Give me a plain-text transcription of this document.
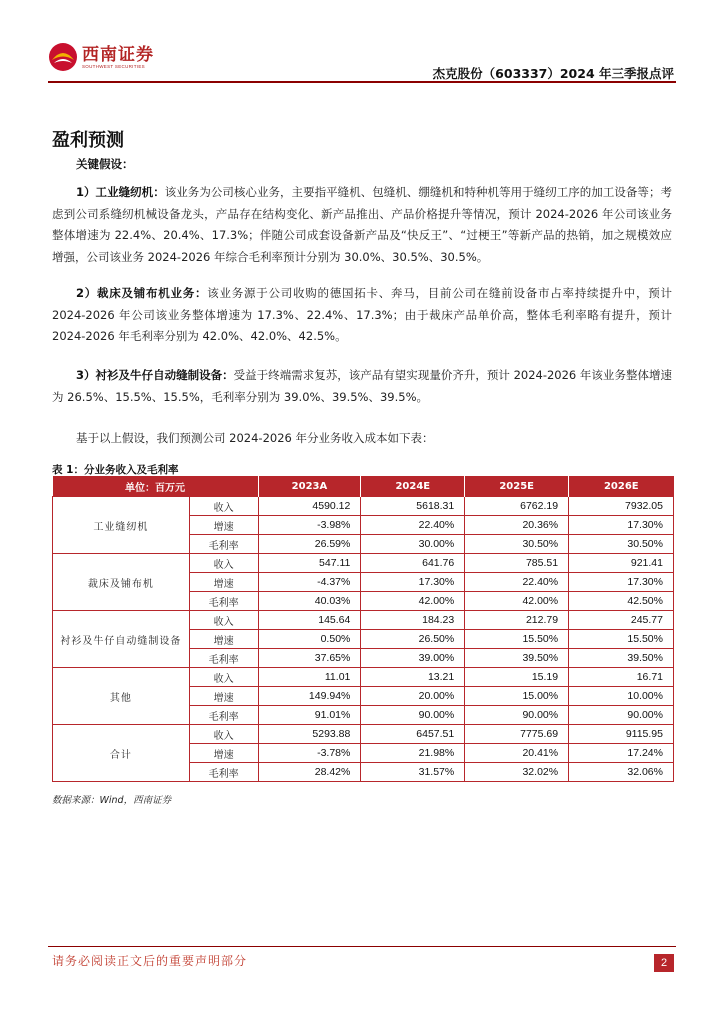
西南证券
SOUTHWEST SECURITIES	杰克股份（603337）2024 年三季报点评
盈利预测
关键假设：
1）工业缝纫机：该业务为公司核心业务，主要指平缝机、包缝机、绷缝机和特种机等用于缝纫工序的加工设备等；考虑到公司系缝纫机械设备龙头，产品存在结构变化、新产品推出、产品价格提升等情况，预计 2024-2026 年公司该业务整体增速为 22.4%、20.4%、17.3%；伴随公司成套设备新产品及“快反王”、“过梗王”等新产品的热销，加之规模效应增强，公司该业务 2024-2026 年综合毛利率预计分别为 30.0%、30.5%、30.5%。
2）裁床及铺布机业务：该业务源于公司收购的德国拓卡、奔马，目前公司在缝前设备市占率持续提升中，预计 2024-2026 年公司该业务整体增速为 17.3%、22.4%、17.3%；由于裁床产品单价高，整体毛利率略有提升，预计 2024-2026 年毛利率分别为 42.0%、42.0%、42.5%。
3）衬衫及牛仔自动缝制设备：受益于终端需求复苏，该产品有望实现量价齐升，预计 2024-2026 年该业务整体增速为 26.5%、15.5%、15.5%，毛利率分别为 39.0%、39.5%、39.5%。
基于以上假设，我们预测公司 2024-2026 年分业务收入成本如下表：
表 1：分业务收入及毛利率
单位：百万元		2023A	2024E	2025E	2026E
工业缝纫机	收入	4590.12	5618.31	6762.19	7932.05
	增速	-3.98%	22.40%	20.36%	17.30%
	毛利率	26.59%	30.00%	30.50%	30.50%
裁床及铺布机	收入	547.11	641.76	785.51	921.41
	增速	-4.37%	17.30%	22.40%	17.30%
	毛利率	40.03%	42.00%	42.00%	42.50%
衬衫及牛仔自动缝制设备	收入	145.64	184.23	212.79	245.77
	增速	0.50%	26.50%	15.50%	15.50%
	毛利率	37.65%	39.00%	39.50%	39.50%
其他	收入	11.01	13.21	15.19	16.71
	增速	149.94%	20.00%	15.00%	10.00%
	毛利率	91.01%	90.00%	90.00%	90.00%
合计	收入	5293.88	6457.51	7775.69	9115.95
	增速	-3.78%	21.98%	20.41%	17.24%
	毛利率	28.42%	31.57%	32.02%	32.06%
数据来源：Wind，西南证券
请务必阅读正文后的重要声明部分	2
